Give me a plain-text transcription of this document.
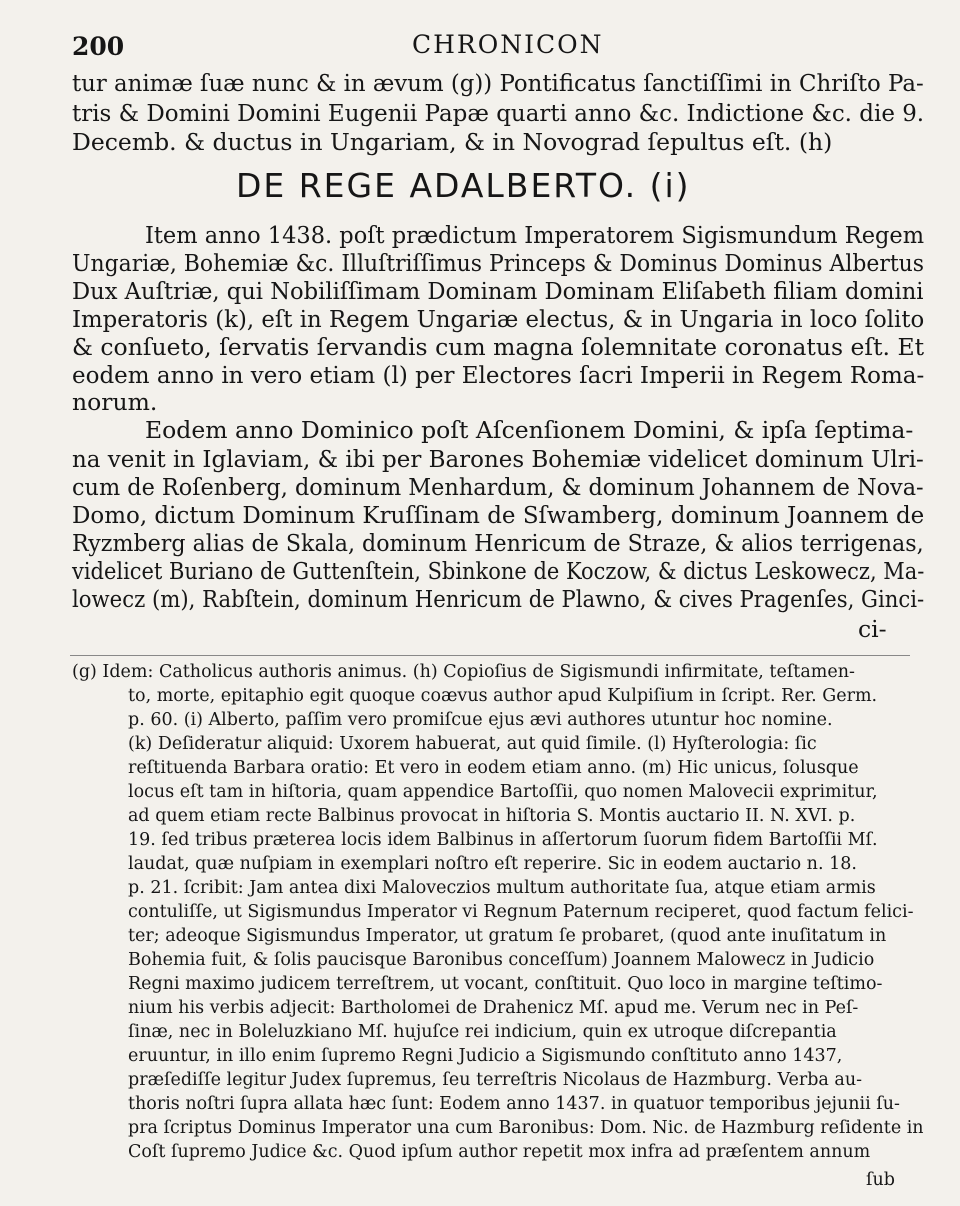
200	CHRONICON
tur animæ ſuæ nunc & in ævum (g)) Pontificatus ſanctiſſimi in Chriſto Pa-
tris & Domini Domini Eugenii Papæ quarti anno &c. Indictione &c. die 9.
Decemb. & ductus in Ungariam, & in Novograd ſepultus eſt. (h)
DE REGE ADALBERTO. (i)
Item anno 1438. poſt prædictum Imperatorem Sigismundum Regem
Ungariæ, Bohemiæ &c. Illuſtriſſimus Princeps & Dominus Dominus Albertus
Dux Auſtriæ, qui Nobiliſſimam Dominam Dominam Eliſabeth filiam domini
Imperatoris (k), eſt in Regem Ungariæ electus, & in Ungaria in loco ſolito
& conſueto, ſervatis ſervandis cum magna ſolemnitate coronatus eſt. Et
eodem anno in vero etiam (l) per Electores ſacri Imperii in Regem Roma-
norum.
Eodem anno Dominico poſt Aſcenſionem Domini, & ipſa ſeptima-
na venit in Iglaviam, & ibi per Barones Bohemiæ videlicet dominum Ulri-
cum de Roſenberg, dominum Menhardum, & dominum Johannem de Nova-
Domo, dictum Dominum Kruſſinam de Sſwamberg, dominum Joannem de
Ryzmberg alias de Skala, dominum Henricum de Straze, & alios terrigenas,
videlicet Buriano de Guttenſtein, Sbinkone de Koczow, & dictus Leskowecz, Ma-
lowecz (m), Rabſtein, dominum Henricum de Plawno, & cives Pragenſes, Ginci-
ci-
(g) Idem: Catholicus authoris animus. (h) Copioſius de Sigismundi infirmitate, teſtamen-
to, morte, epitaphio egit quoque coævus author apud Kulpiſium in ſcript. Rer. Germ.
p. 60. (i) Alberto, paſſim vero promiſcue ejus ævi authores utuntur hoc nomine.
(k) Deſideratur aliquid: Uxorem habuerat, aut quid ſimile. (l) Hyſterologia: ſic
reſtituenda Barbara oratio: Et vero in eodem etiam anno. (m) Hic unicus, ſolusque
locus eſt tam in hiſtoria, quam appendice Bartoſſii, quo nomen Malovecii exprimitur,
ad quem etiam recte Balbinus provocat in hiſtoria S. Montis auctario II. N. XVI. p.
19. ſed tribus præterea locis idem Balbinus in aſſertorum ſuorum fidem Bartoſſii Mſ.
laudat, quæ nuſpiam in exemplari noſtro eſt reperire. Sic in eodem auctario n. 18.
p. 21. ſcribit: Jam antea dixi Maloveczios multum authoritate ſua, atque etiam armis
contuliſſe, ut Sigismundus Imperator vi Regnum Paternum reciperet, quod factum felici-
ter; adeoque Sigismundus Imperator, ut gratum ſe probaret, (quod ante inuſitatum in
Bohemia fuit, & ſolis paucisque Baronibus conceſſum) Joannem Malowecz in Judicio
Regni maximo judicem terreſtrem, ut vocant, conſtituit. Quo loco in margine teſtimo-
nium his verbis adjecit: Bartholomei de Drahenicz Mſ. apud me. Verum nec in Peſ-
ſinæ, nec in Boleluzkiano Mſ. hujuſce rei indicium, quin ex utroque diſcrepantia
eruuntur, in illo enim ſupremo Regni Judicio a Sigismundo conſtituto anno 1437,
præſediſſe legitur Judex ſupremus, ſeu terreſtris Nicolaus de Hazmburg. Verba au-
thoris noſtri ſupra allata hæc ſunt: Eodem anno 1437. in quatuor temporibus jejunii ſu-
pra ſcriptus Dominus Imperator una cum Baronibus: Dom. Nic. de Hazmburg reſidente in
Coſt ſupremo Judice &c. Quod ipſum author repetit mox infra ad præſentem annum
ſub
